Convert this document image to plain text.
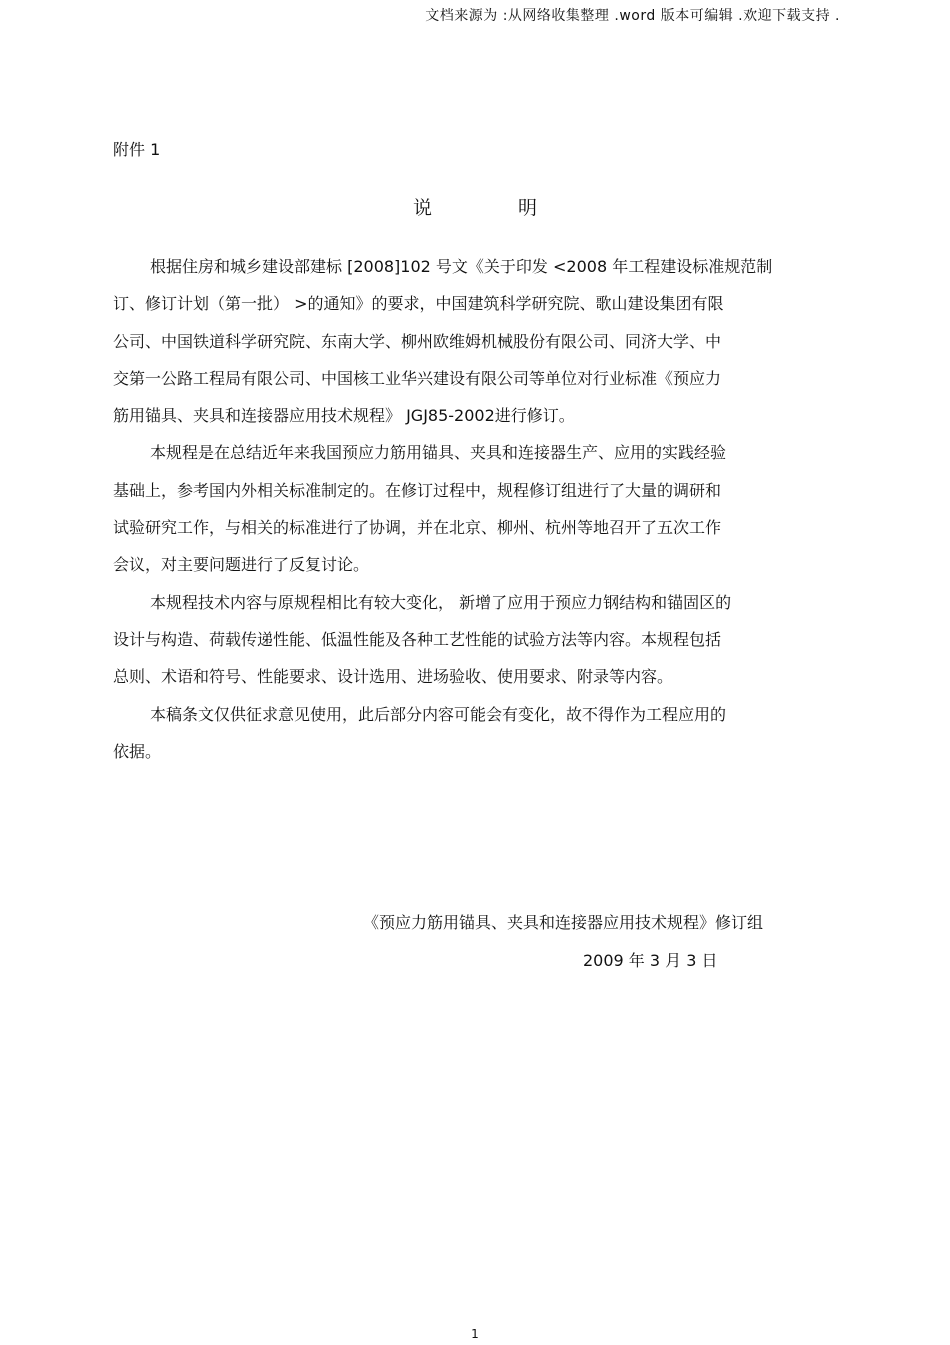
文档来源为 :从网络收集整理 .word 版本可编辑 .欢迎下载支持 .
附件 1
说 明
根据住房和城乡建设部建标 [2008]102 号文《关于印发 <2008 年工程建设标准规范制
订、修订计划（第一批） >的通知》的要求，中国建筑科学研究院、歌山建设集团有限
公司、中国铁道科学研究院、东南大学、柳州欧维姆机械股份有限公司、同济大学、中
交第一公路工程局有限公司、中国核工业华兴建设有限公司等单位对行业标准《预应力
筋用锚具、夹具和连接器应用技术规程》 JGJ85-2002进行修订。
本规程是在总结近年来我国预应力筋用锚具、夹具和连接器生产、应用的实践经验
基础上，参考国内外相关标准制定的。在修订过程中，规程修订组进行了大量的调研和
试验研究工作，与相关的标准进行了协调，并在北京、柳州、杭州等地召开了五次工作
会议，对主要问题进行了反复讨论。
本规程技术内容与原规程相比有较大变化， 新增了应用于预应力钢结构和锚固区的
设计与构造、荷载传递性能、低温性能及各种工艺性能的试验方法等内容。本规程包括
总则、术语和符号、性能要求、设计选用、进场验收、使用要求、附录等内容。
本稿条文仅供征求意见使用，此后部分内容可能会有变化，故不得作为工程应用的
依据。
《预应力筋用锚具、夹具和连接器应用技术规程》修订组
2009 年 3 月 3 日
1
